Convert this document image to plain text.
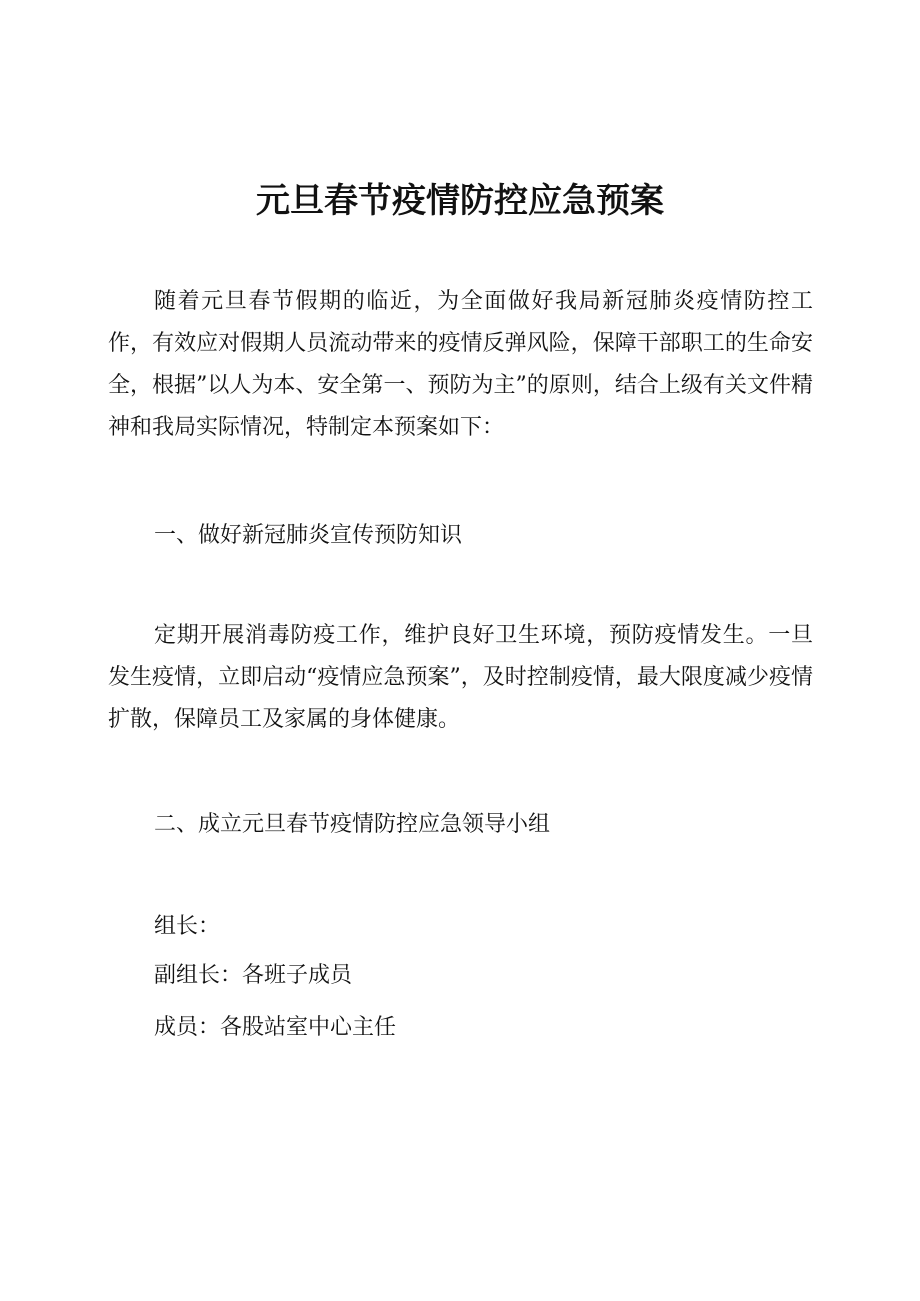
元旦春节疫情防控应急预案

随着元旦春节假期的临近，为全面做好我局新冠肺炎疫情防控工作，有效应对假期人员流动带来的疫情反弹风险，保障干部职工的生命安全，根据”以人为本、安全第一、预防为主”的原则，结合上级有关文件精神和我局实际情况，特制定本预案如下：

一、做好新冠肺炎宣传预防知识

定期开展消毒防疫工作，维护良好卫生环境，预防疫情发生。一旦发生疫情，立即启动“疫情应急预案”，及时控制疫情，最大限度减少疫情扩散，保障员工及家属的身体健康。

二、成立元旦春节疫情防控应急领导小组

组长：

副组长：各班子成员

成员：各股站室中心主任
